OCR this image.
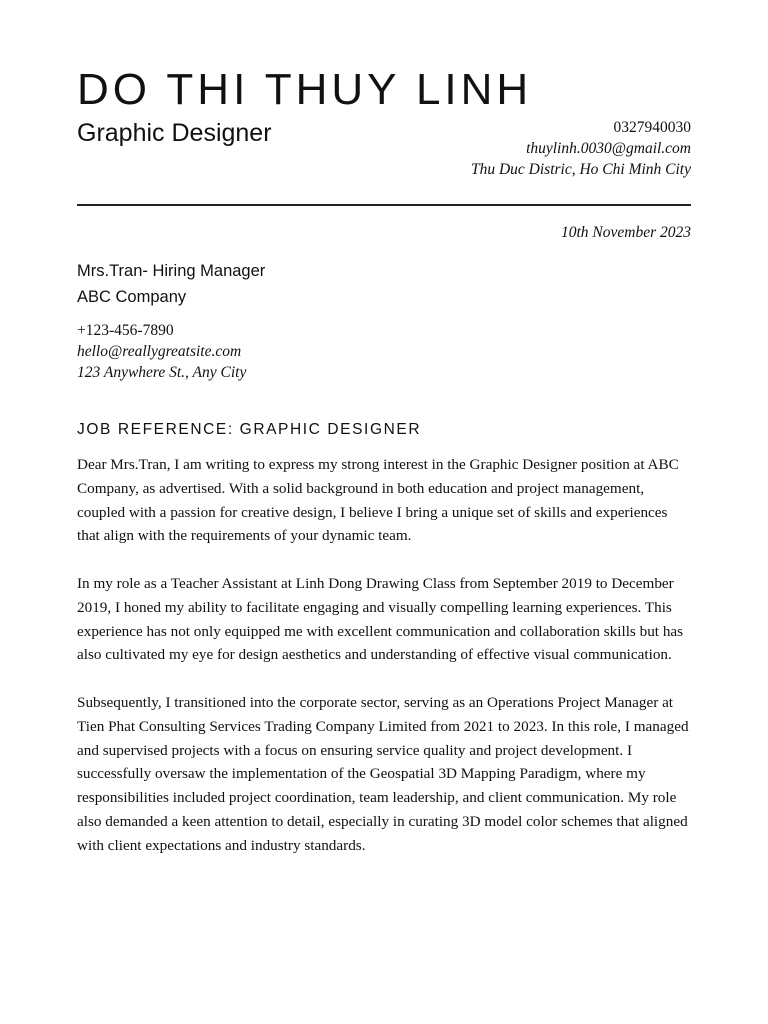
DO THI THUY LINH
Graphic Designer	0327940030
thuylinh.0030@gmail.com
Thu Duc Distric, Ho Chi Minh City
10th November 2023
Mrs.Tran- Hiring Manager
ABC Company
+123-456-7890
hello@reallygreatsite.com
123 Anywhere St., Any City
JOB REFERENCE: GRAPHIC DESIGNER

Dear Mrs.Tran, I am writing to express my strong interest in the Graphic Designer position at ABC Company, as advertised. With a solid background in both education and project management, coupled with a passion for creative design, I believe I bring a unique set of skills and experiences that align with the requirements of your dynamic team.

In my role as a Teacher Assistant at Linh Dong Drawing Class from September 2019 to December 2019, I honed my ability to facilitate engaging and visually compelling learning experiences. This experience has not only equipped me with excellent communication and collaboration skills but has also cultivated my eye for design aesthetics and understanding of effective visual communication.

Subsequently, I transitioned into the corporate sector, serving as an Operations Project Manager at Tien Phat Consulting Services Trading Company Limited from 2021 to 2023. In this role, I managed and supervised projects with a focus on ensuring service quality and project development. I successfully oversaw the implementation of the Geospatial 3D Mapping Paradigm, where my responsibilities included project coordination, team leadership, and client communication. My role also demanded a keen attention to detail, especially in curating 3D model color schemes that aligned with client expectations and industry standards.
